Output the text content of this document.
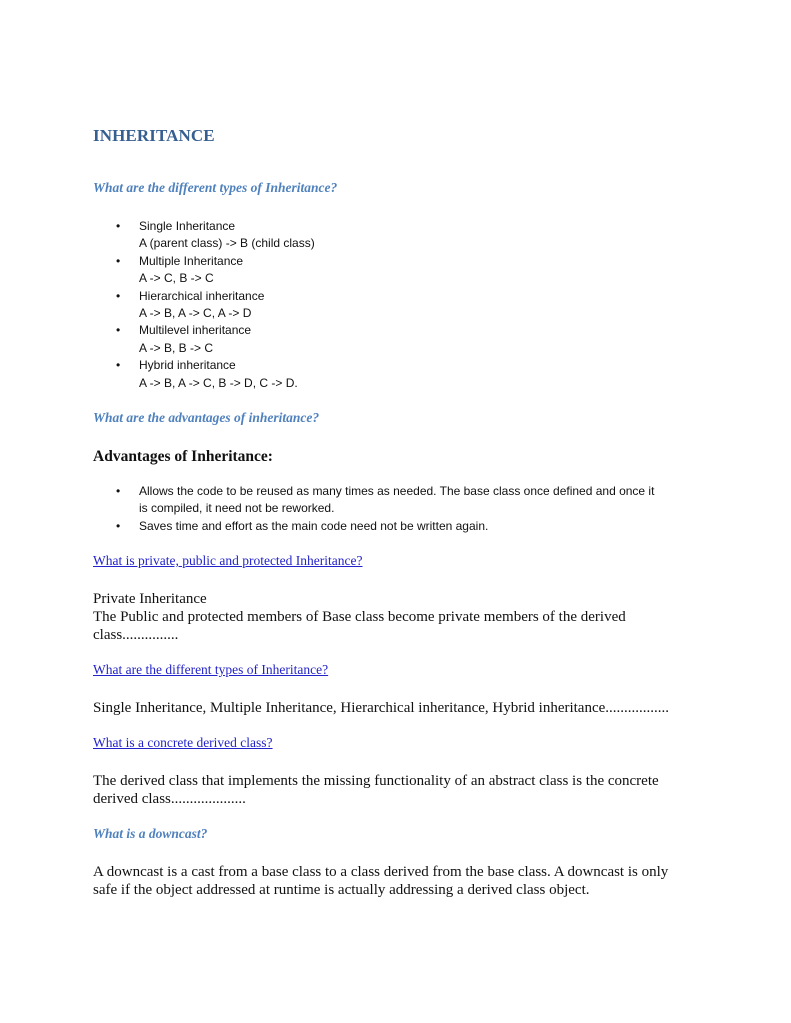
INHERITANCE
What are the different types of Inheritance?
• Single Inheritance
A (parent class) -> B (child class)
• Multiple Inheritance
A -> C, B -> C
• Hierarchical inheritance
A -> B, A -> C, A -> D
• Multilevel inheritance
A -> B, B -> C
• Hybrid inheritance
A -> B, A -> C, B -> D, C -> D.
What are the advantages of inheritance?
Advantages of Inheritance:
• Allows the code to be reused as many times as needed. The base class once defined and once it
is compiled, it need not be reworked.
• Saves time and effort as the main code need not be written again.
What is private, public and protected Inheritance?
Private Inheritance
The Public and protected members of Base class become private members of the derived
class...............
What are the different types of Inheritance?
Single Inheritance, Multiple Inheritance, Hierarchical inheritance, Hybrid inheritance.................
What is a concrete derived class?
The derived class that implements the missing functionality of an abstract class is the concrete
derived class....................
What is a downcast?
A downcast is a cast from a base class to a class derived from the base class. A downcast is only
safe if the object addressed at runtime is actually addressing a derived class object.
